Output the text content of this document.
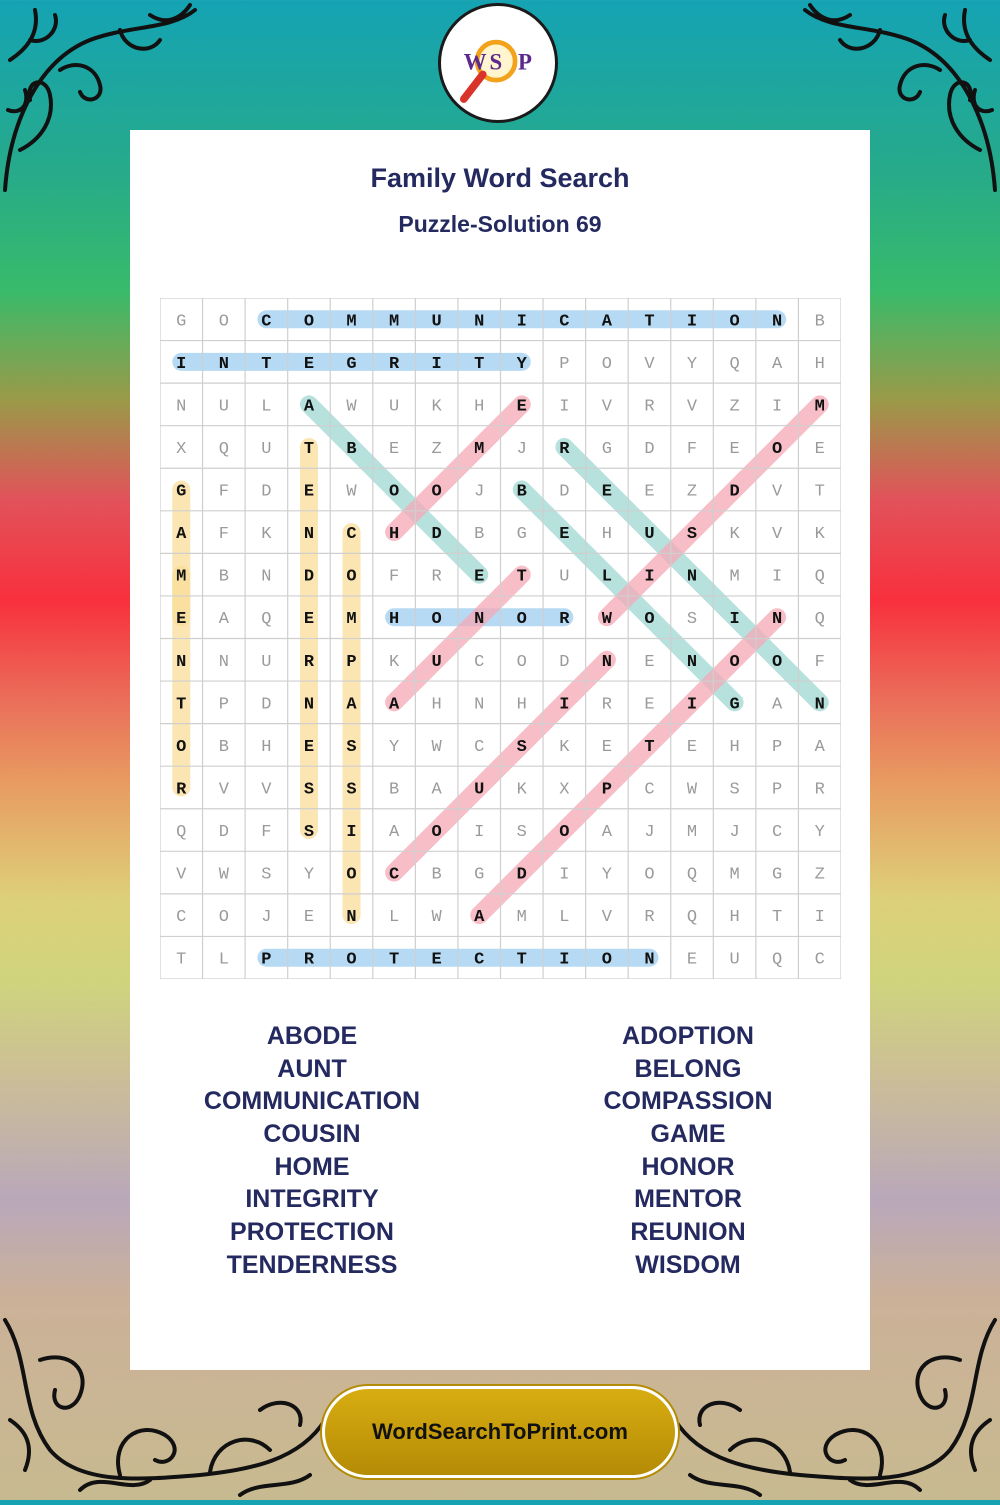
W S P
Family Word Search
Puzzle-Solution 69
G O C O M M U N I C A T I O N B
I N T E G R I T Y P O V Y Q A H
N U L A W U K H E I V R V Z I M
X Q U T B E Z M J R G D F E O E
G F D E W O O J B D E E Z D V T
A F K N C H D B G E H U S K V K
M B N D O F R E T U L I N M I Q
E A Q E M H O N O R W O S I N Q
N N U R P K U C O D N E N O O F
T P D N A A H N H I R E I G A N
O B H E S Y W C S K E T E H P A
R V V S S B A U K X P C W S P R
Q D F S I A O I S O A J M J C Y
V W S Y O C B G D I Y O Q M G Z
C O J E N L W A M L V R Q H T I
T L P R O T E C T I O N E U Q C
ABODE
AUNT
COMMUNICATION
COUSIN
HOME
INTEGRITY
PROTECTION
TENDERNESS
ADOPTION
BELONG
COMPASSION
GAME
HONOR
MENTOR
REUNION
WISDOM
WordSearchToPrint.com
